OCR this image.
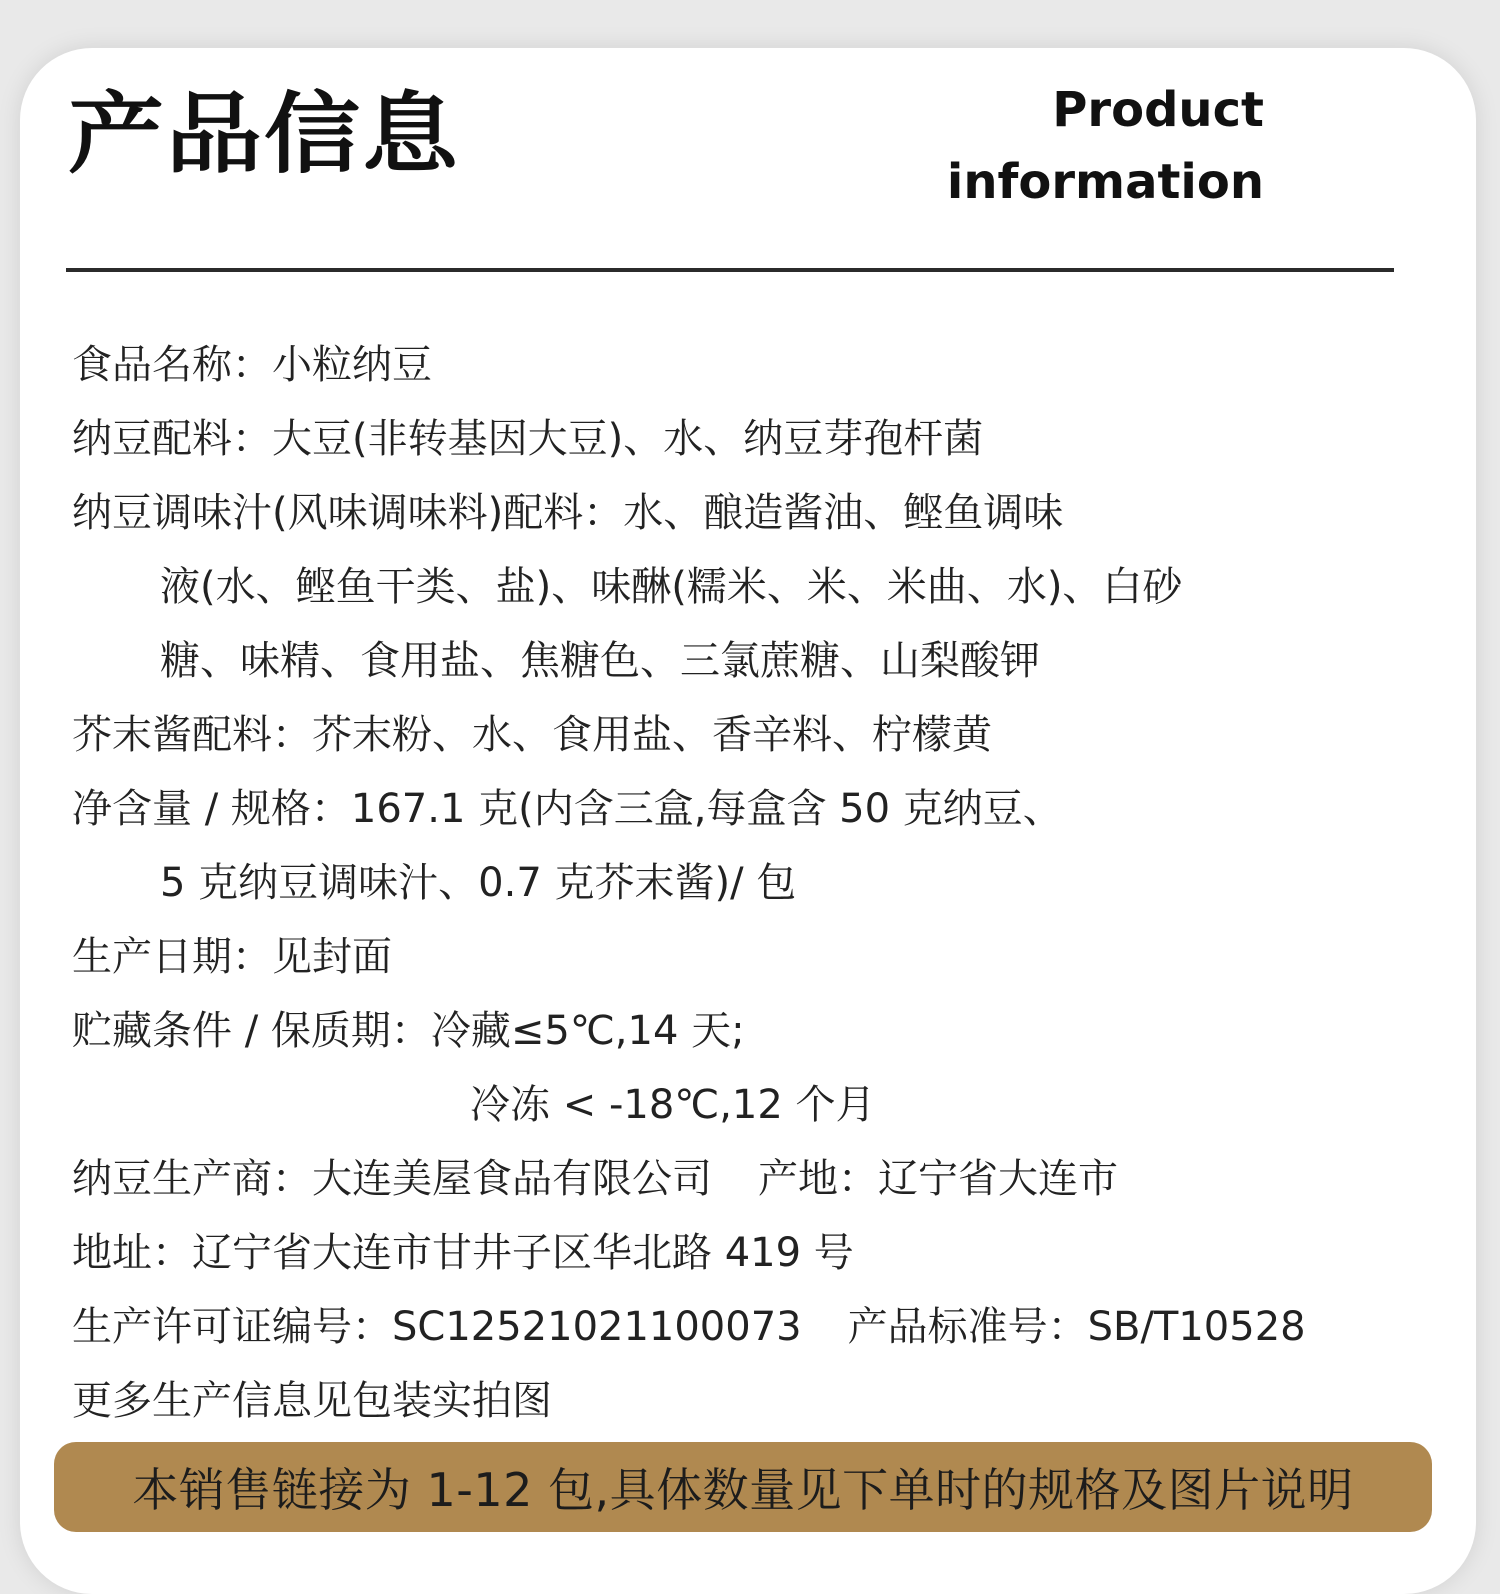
产品信息	Product
information
食品名称：小粒纳豆
纳豆配料：大豆(非转基因大豆)、水、纳豆芽孢杆菌
纳豆调味汁(风味调味料)配料：水、酿造酱油、鲣鱼调味
液(水、鲣鱼干类、盐)、味醂(糯米、米、米曲、水)、白砂
糖、味精、食用盐、焦糖色、三氯蔗糖、山梨酸钾
芥末酱配料：芥末粉、水、食用盐、香辛料、柠檬黄
净含量 / 规格：167.1 克(内含三盒,每盒含 50 克纳豆、
5 克纳豆调味汁、0.7 克芥末酱)/ 包
生产日期：见封面
贮藏条件 / 保质期：冷藏≤5℃,14 天;
冷冻 < -18℃,12 个月
纳豆生产商：大连美屋食品有限公司 产地：辽宁省大连市
地址：辽宁省大连市甘井子区华北路 419 号
生产许可证编号：SC12521021100073 产品标准号：SB/T10528
更多生产信息见包装实拍图
本销售链接为 1-12 包,具体数量见下单时的规格及图片说明
